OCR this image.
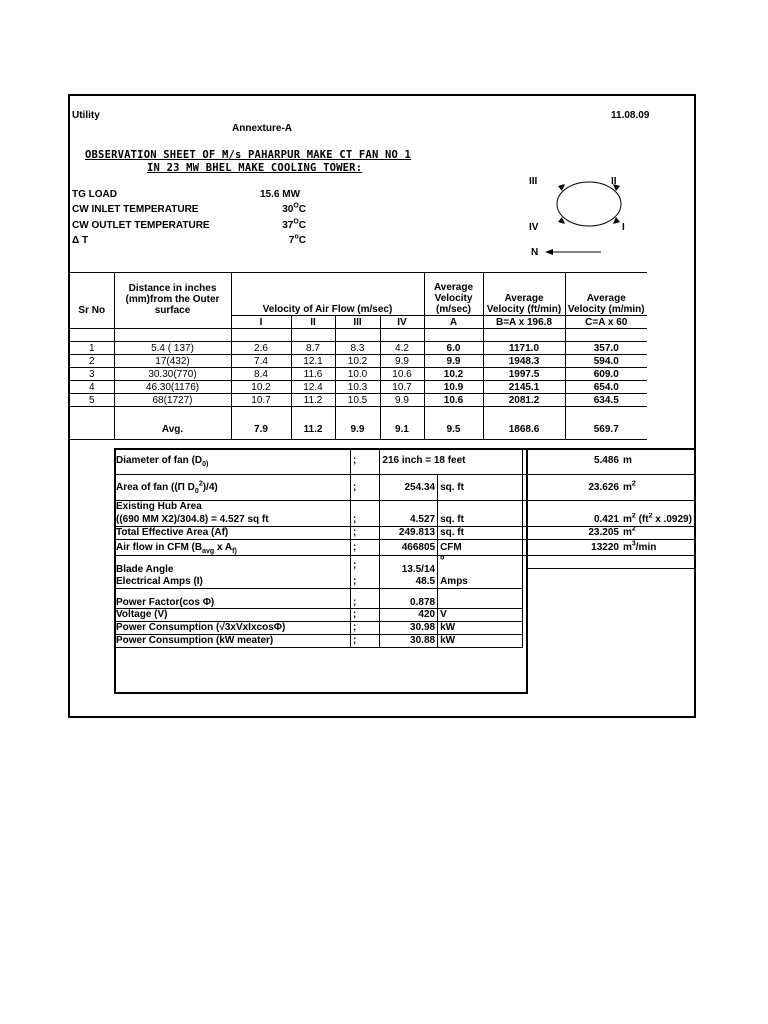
Utility	11.08.09
Annexture-A
OBSERVATION SHEET OF M/s PAHARPUR MAKE CT FAN NO 1
IN 23 MW BHEL MAKE COOLING TOWER:
TG LOAD	15.6 MW
CW INLET TEMPERATURE	$30^OC$
CW OUTLET TEMPERATURE	$37^OC$
Δ T	7$^o$C
III	II
IV	I
N
Sr No	Distance in inches (mm)from the Outer surface	Velocity of Air Flow (m/sec)				Average Velocity (m/sec)	Average Velocity (ft/min)	Average Velocity (m/min)
		I	II	III	IV	A	B=A x 196.8	C=A x 60

1	5.4 ( 137)	2.6	8.7	8.3	4.2	6.0	1171.0	357.0
2	17(432)	7.4	12.1	10.2	9.9	9.9	1948.3	594.0
3	30.30(770)	8.4	11.6	10.0	10.6	10.2	1997.5	609.0
4	46.30(1176)	10.2	12.4	10.3	10.7	10.9	2145.1	654.0
5	68(1727)	10.7	11.2	10.5	9.9	10.6	2081.2	634.5

	Avg.	7.9	11.2	9.9	9.1	9.5	1868.6	569.7
Diameter of fan ($D_{0)}$	;	216 inch = 18 feet		5.486	m
Area of fan ((Π $D_0^2)/4$)	;	254.34	sq. ft	23.626	$m^2$
Existing Hub Area					
((690 MM X2)/304.8) = 4.527 sq ft	;	4.527	sq. ft	0.421	$m^2$ ($ft^2$ x .0929)
Total Effective Area (Af)	;	249.813	sq. ft	23.205	$m^2$
Air flow in CFM ($B_{avg}$ x $A_{f)}$	;	466805	CFM	13220	$m^3/\min$
Blade Angle	;	13.5/14	$^o$		
Electrical Amps (I)	;	48.5	Amps		
Power Factor(cos Φ)	;	0.878			
Voltage (V)	;	420	V		
Power Consumption (√3xVxIxcosΦ)	;	30.98	kW		
Power Consumption (kW meater)	;	30.88	kW		
